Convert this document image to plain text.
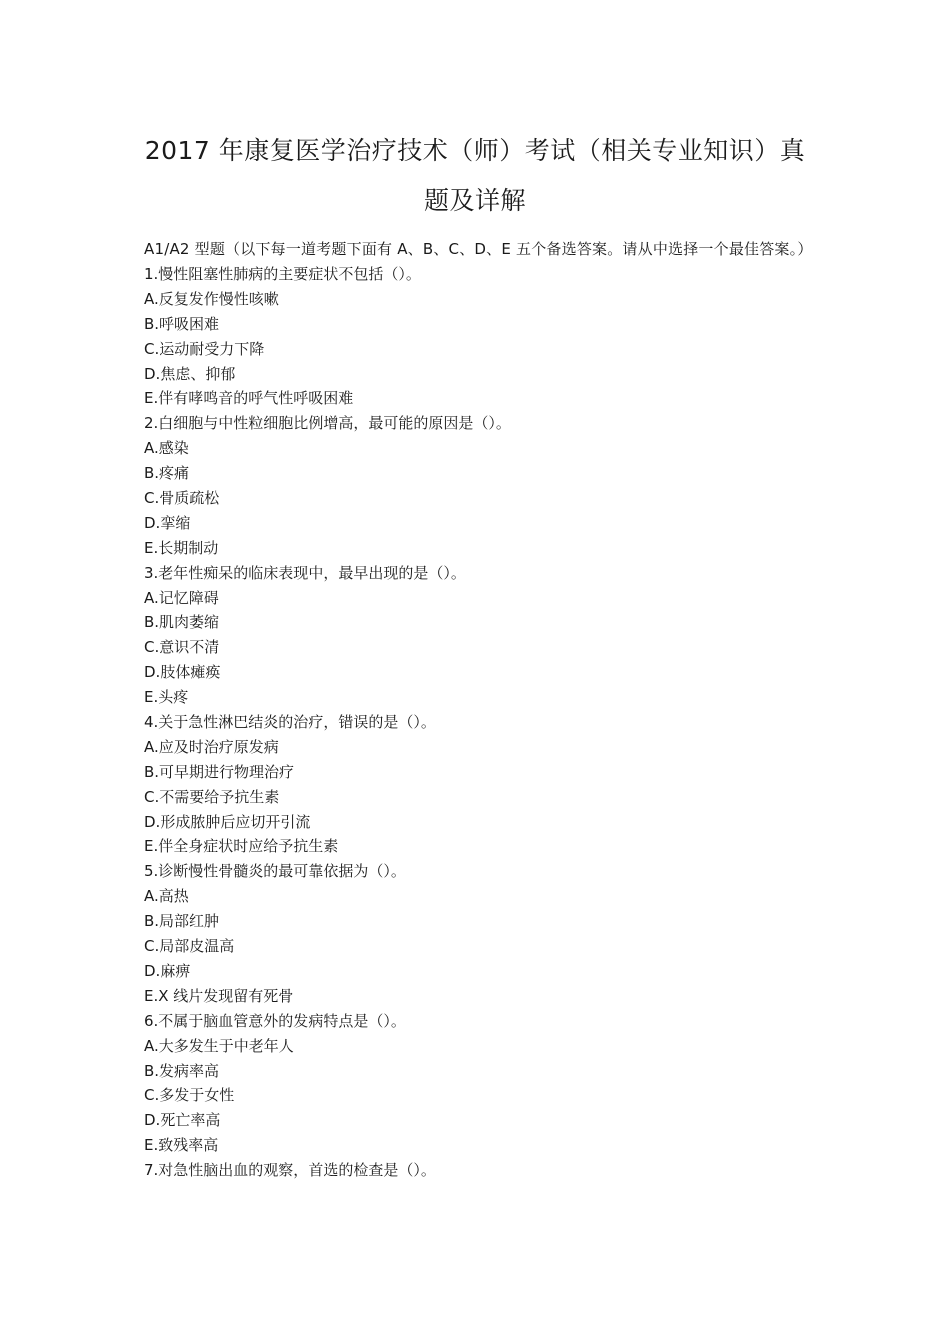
2017 年康复医学治疗技术（师）考试（相关专业知识）真
题及详解

A1/A2 型题（以下每一道考题下面有 A、B、C、D、E 五个备选答案。请从中选择一个最佳答案。）

1.慢性阻塞性肺病的主要症状不包括（）。

A.反复发作慢性咳嗽

B.呼吸困难

C.运动耐受力下降

D.焦虑、抑郁

E.伴有哮鸣音的呼气性呼吸困难

2.白细胞与中性粒细胞比例增高，最可能的原因是（）。

A.感染

B.疼痛

C.骨质疏松

D.挛缩

E.长期制动

3.老年性痴呆的临床表现中，最早出现的是（）。

A.记忆障碍

B.肌肉萎缩

C.意识不清

D.肢体瘫痪

E.头疼

4.关于急性淋巴结炎的治疗，错误的是（）。

A.应及时治疗原发病

B.可早期进行物理治疗

C.不需要给予抗生素

D.形成脓肿后应切开引流

E.伴全身症状时应给予抗生素

5.诊断慢性骨髓炎的最可靠依据为（）。

A.高热

B.局部红肿

C.局部皮温高

D.麻痹

E.X 线片发现留有死骨

6.不属于脑血管意外的发病特点是（）。

A.大多发生于中老年人

B.发病率高

C.多发于女性

D.死亡率高

E.致残率高

7.对急性脑出血的观察，首选的检查是（）。
